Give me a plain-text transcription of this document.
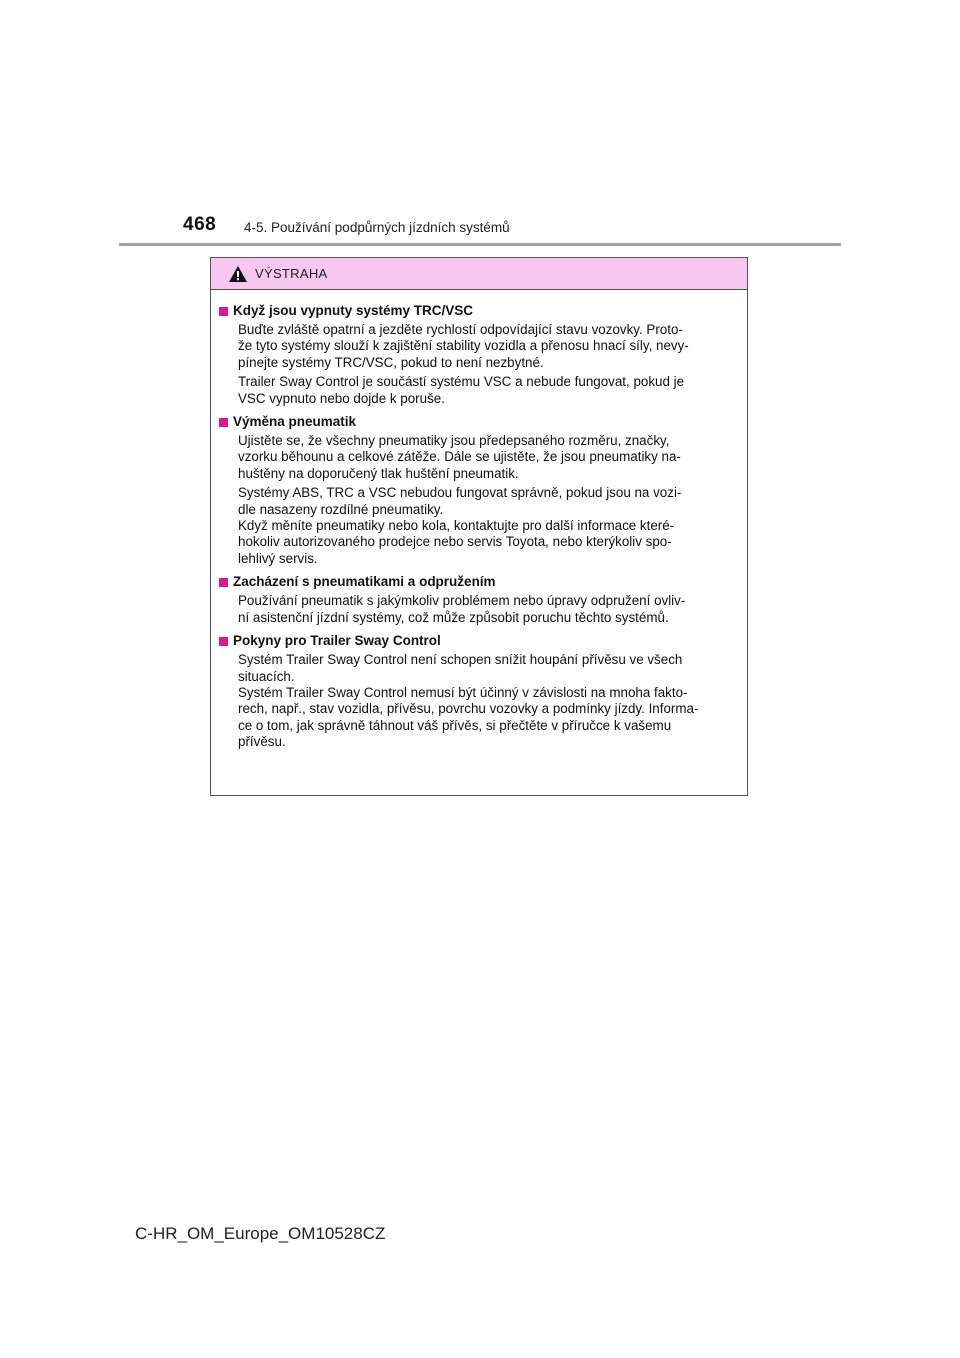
468 4-5. Používání podpůrných jízdních systémů
VÝSTRAHA
Když jsou vypnuty systémy TRC/VSC

Buďte zvláště opatrní a jezděte rychlostí odpovídající stavu vozovky. Proto-
že tyto systémy slouží k zajištění stability vozidla a přenosu hnací síly, nevy-
pínejte systémy TRC/VSC, pokud to není nezbytné.

Trailer Sway Control je součástí systému VSC a nebude fungovat, pokud je
VSC vypnuto nebo dojde k poruše.

Výměna pneumatik

Ujistěte se, že všechny pneumatiky jsou předepsaného rozměru, značky,
vzorku běhounu a celkové zátěže. Dále se ujistěte, že jsou pneumatiky na-
huštěny na doporučený tlak huštění pneumatik.

Systémy ABS, TRC a VSC nebudou fungovat správně, pokud jsou na vozi-
dle nasazeny rozdílné pneumatiky.
Když měníte pneumatiky nebo kola, kontaktujte pro další informace které-
hokoliv autorizovaného prodejce nebo servis Toyota, nebo kterýkoliv spo-
lehlivý servis.

Zacházení s pneumatikami a odpružením

Používání pneumatik s jakýmkoliv problémem nebo úpravy odpružení ovliv-
ní asistenční jízdní systémy, což může způsobit poruchu těchto systémů.

Pokyny pro Trailer Sway Control

Systém Trailer Sway Control není schopen snížit houpání přívěsu ve všech
situacích.
Systém Trailer Sway Control nemusí být účinný v závislosti na mnoha fakto-
rech, např., stav vozidla, přívěsu, povrchu vozovky a podmínky jízdy. Informa-
ce o tom, jak správně táhnout váš přívěs, si přečtěte v příručce k vašemu
přívěsu.

C-HR_OM_Europe_OM10528CZ
